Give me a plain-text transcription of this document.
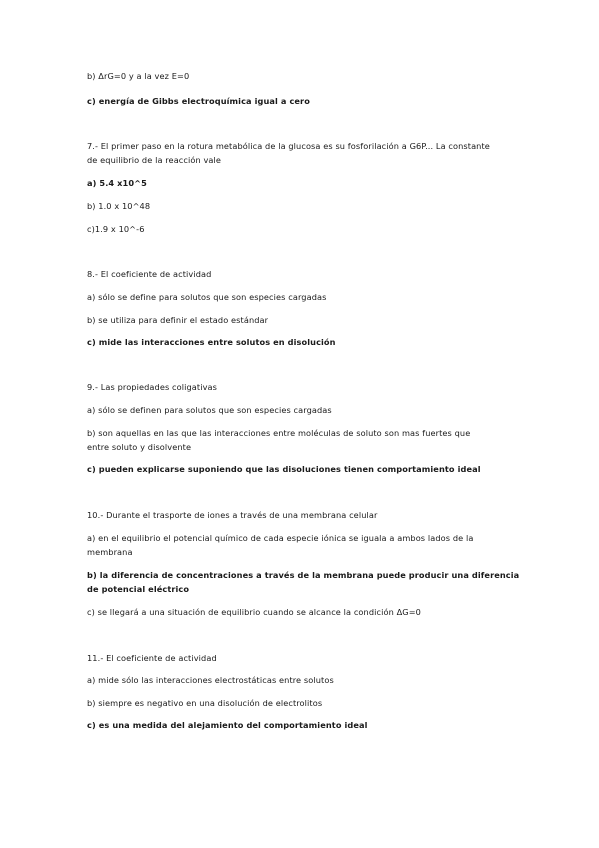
b) ΔrG=0 y a la vez E=0
c) energía de Gibbs electroquímica igual a cero
7.- El primer paso en la rotura metabólica de la glucosa es su fosforilación a G6P... La constante
de equilibrio de la reacción vale
a) 5.4 x10^5
b) 1.0 x 10^48
c)1.9 x 10^-6
8.- El coeficiente de actividad
a) sólo se define para solutos que son especies cargadas
b) se utiliza para definir el estado estándar
c) mide las interacciones entre solutos en disolución
9.- Las propiedades coligativas
a) sólo se definen para solutos que son especies cargadas
b) son aquellas en las que las interacciones entre moléculas de soluto son mas fuertes que
entre soluto y disolvente
c) pueden explicarse suponiendo que las disoluciones tienen comportamiento ideal
10.- Durante el trasporte de iones a través de una membrana celular
a) en el equilibrio el potencial químico de cada especie iónica se iguala a ambos lados de la
membrana
b) la diferencia de concentraciones a través de la membrana puede producir una diferencia
de potencial eléctrico
c) se llegará a una situación de equilibrio cuando se alcance la condición ΔG=0
11.- El coeficiente de actividad
a) mide sólo las interacciones electrostáticas entre solutos
b) siempre es negativo en una disolución de electrolitos
c) es una medida del alejamiento del comportamiento ideal
